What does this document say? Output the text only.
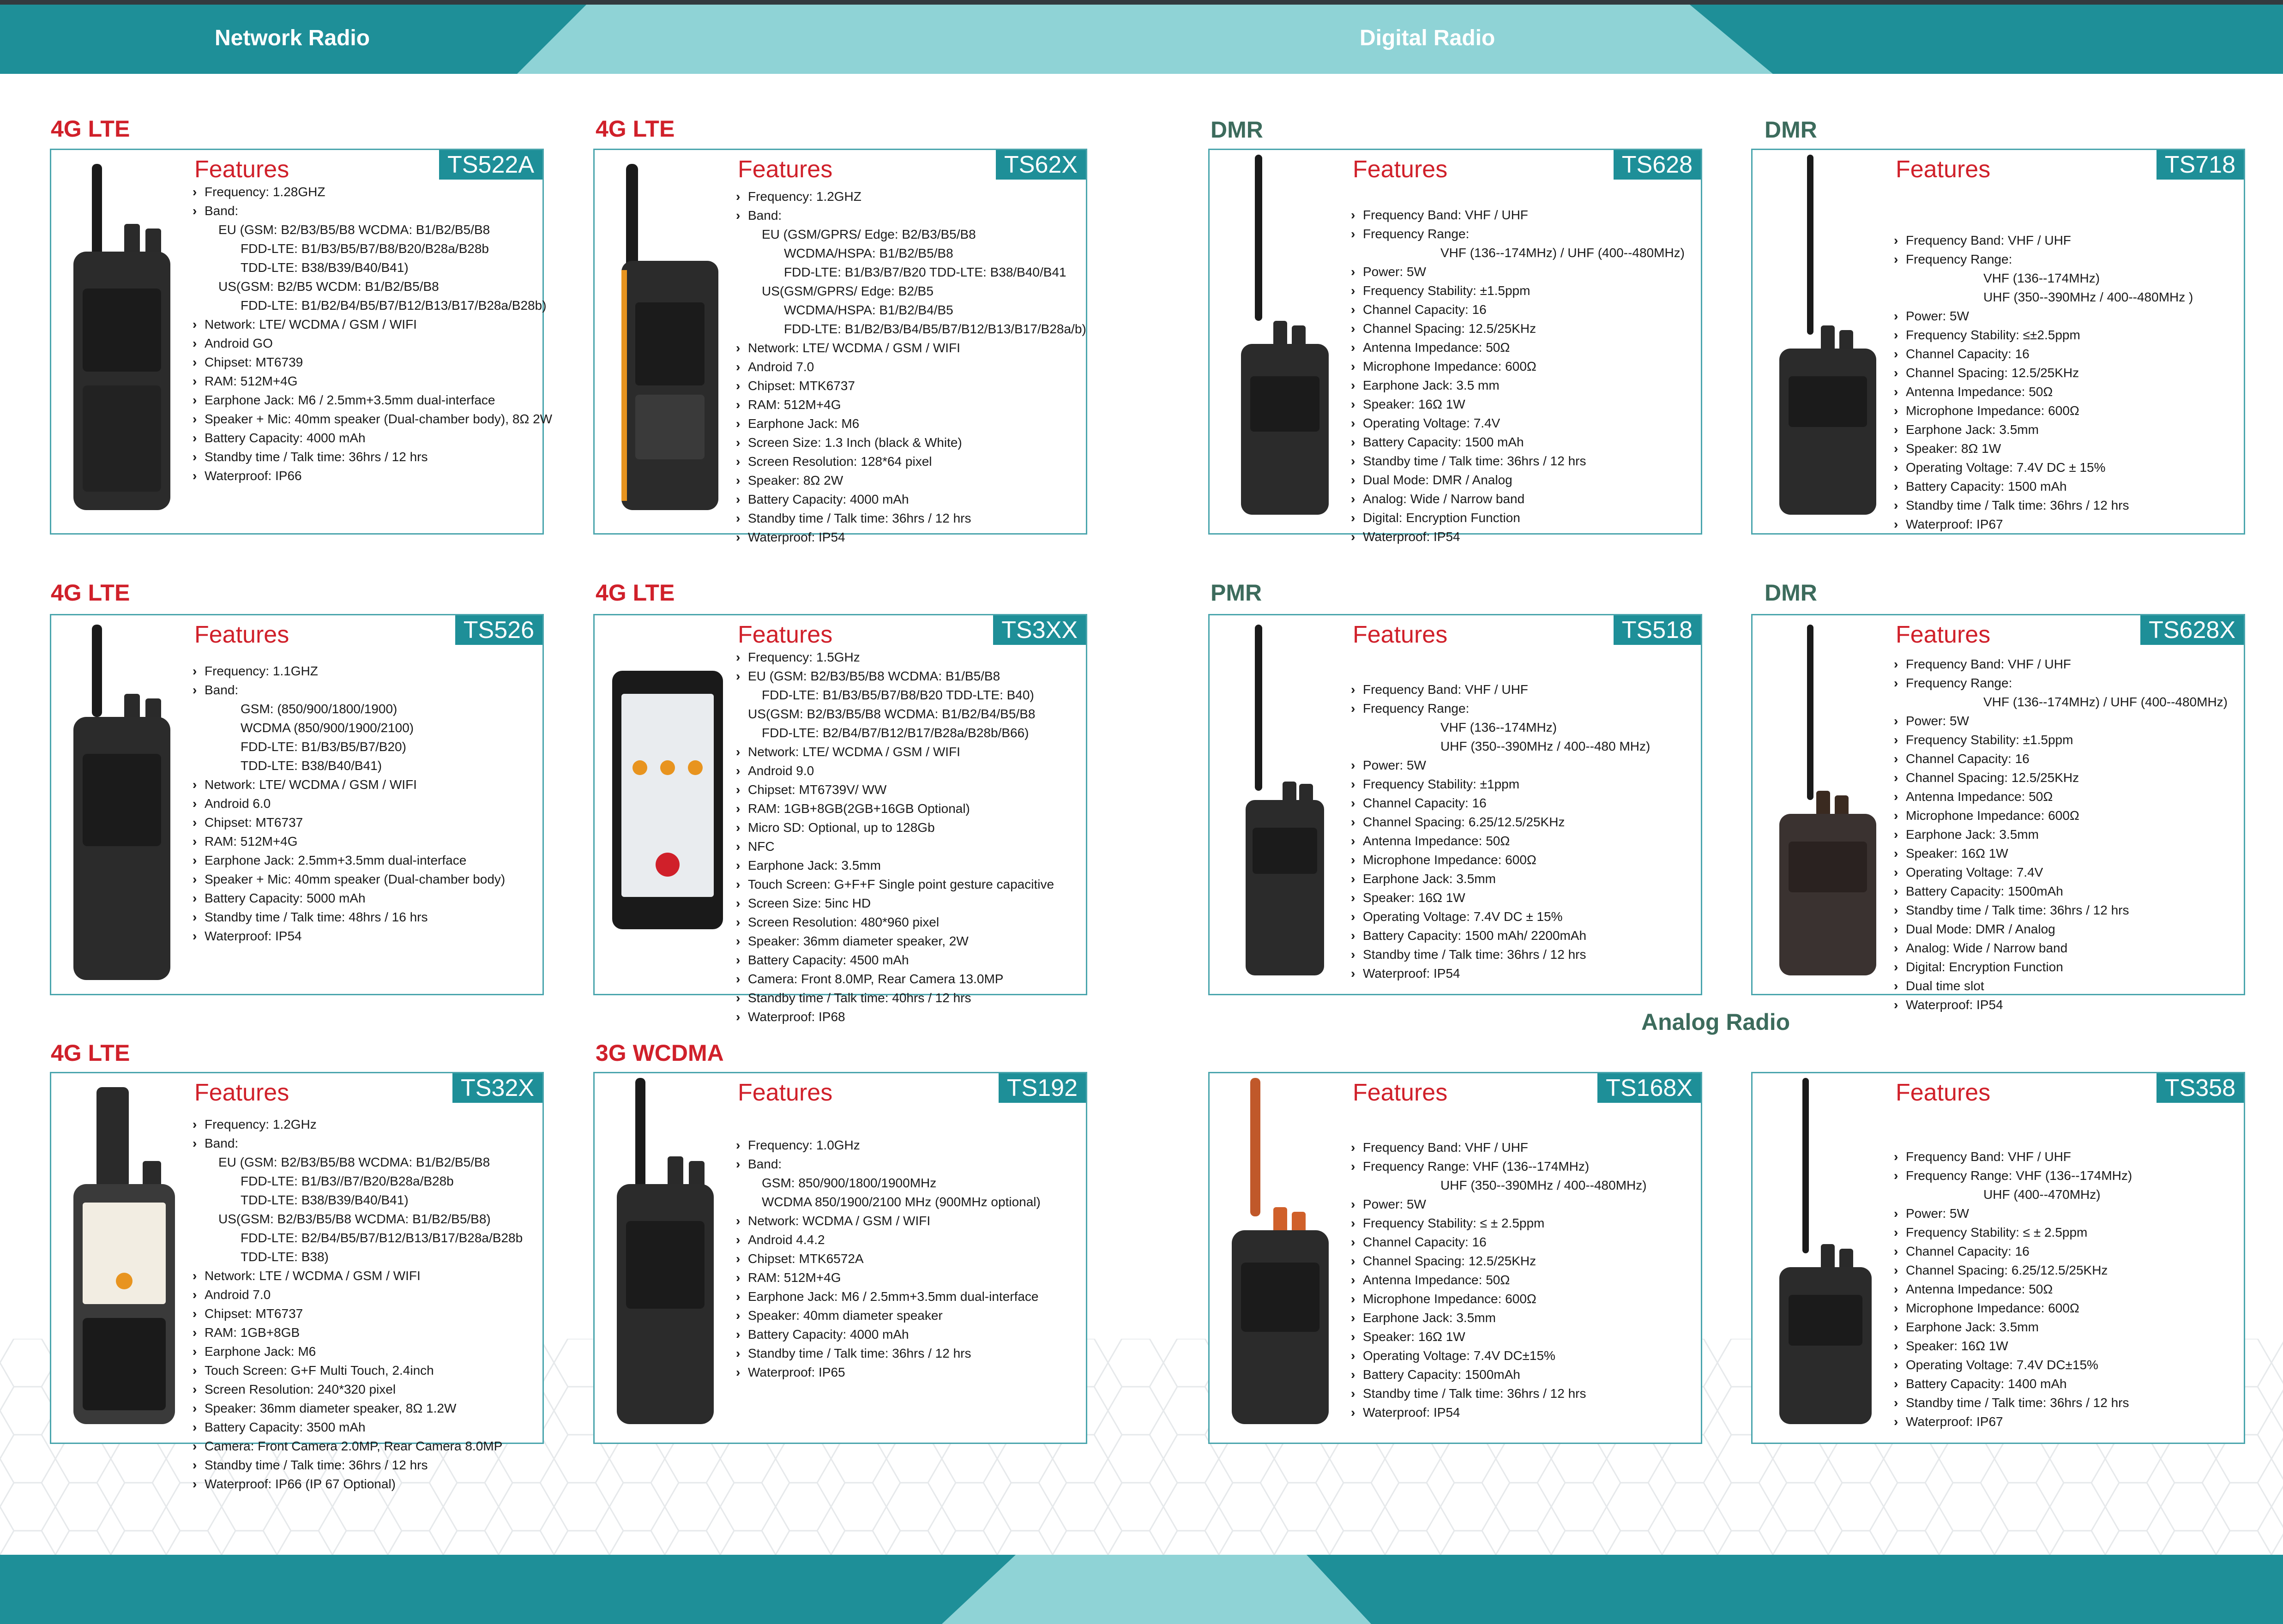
Network Radio	Digital Radio
Analog Radio
4G LTE	4G LTE	DMR	DMR
4G LTE	4G LTE	PMR	DMR
4G LTE	3G WCDMA
Features	TS522A
› Frequency: 1.28GHZ
› Band:
EU (GSM: B2/B3/B5/B8 WCDMA: B1/B2/B5/B8
FDD-LTE: B1/B3/B5/B7/B8/B20/B28a/B28b
TDD-LTE: B38/B39/B40/B41)
US(GSM: B2/B5 WCDM: B1/B2/B5/B8
FDD-LTE: B1/B2/B4/B5/B7/B12/B13/B17/B28a/B28b)
› Network: LTE/ WCDMA / GSM / WIFI
› Android GO
› Chipset: MT6739
› RAM: 512M+4G
› Earphone Jack: M6 / 2.5mm+3.5mm dual-interface
› Speaker + Mic: 40mm speaker (Dual-chamber body), 8Ω 2W
› Battery Capacity: 4000 mAh
› Standby time / Talk time: 36hrs / 12 hrs
› Waterproof: IP66
Features	TS62X
› Frequency: 1.2GHZ
› Band:
EU (GSM/GPRS/ Edge: B2/B3/B5/B8
WCDMA/HSPA: B1/B2/B5/B8
FDD-LTE: B1/B3/B7/B20 TDD-LTE: B38/B40/B41
US(GSM/GPRS/ Edge: B2/B5
WCDMA/HSPA: B1/B2/B4/B5
FDD-LTE: B1/B2/B3/B4/B5/B7/B12/B13/B17/B28a/b)
› Network: LTE/ WCDMA / GSM / WIFI
› Android 7.0
› Chipset: MTK6737
› RAM: 512M+4G
› Earphone Jack: M6
› Screen Size: 1.3 Inch (black & White)
› Screen Resolution: 128*64 pixel
› Speaker: 8Ω 2W
› Battery Capacity: 4000 mAh
› Standby time / Talk time: 36hrs / 12 hrs
› Waterproof: IP54
Features	TS628
› Frequency Band: VHF / UHF
› Frequency Range:
VHF (136--174MHz) / UHF (400--480MHz)
› Power: 5W
› Frequency Stability: ±1.5ppm
› Channel Capacity: 16
› Channel Spacing: 12.5/25KHz
› Antenna Impedance: 50Ω
› Microphone Impedance: 600Ω
› Earphone Jack: 3.5 mm
› Speaker: 16Ω 1W
› Operating Voltage: 7.4V
› Battery Capacity: 1500 mAh
› Standby time / Talk time: 36hrs / 12 hrs
› Dual Mode: DMR / Analog
› Analog: Wide / Narrow band
› Digital: Encryption Function
› Waterproof: IP54
Features	TS718
› Frequency Band: VHF / UHF
› Frequency Range:
VHF (136--174MHz)
UHF (350--390MHz / 400--480MHz )
› Power: 5W
› Frequency Stability: ≤±2.5ppm
› Channel Capacity: 16
› Channel Spacing: 12.5/25KHz
› Antenna Impedance: 50Ω
› Microphone Impedance: 600Ω
› Earphone Jack: 3.5mm
› Speaker: 8Ω 1W
› Operating Voltage: 7.4V DC ± 15%
› Battery Capacity: 1500 mAh
› Standby time / Talk time: 36hrs / 12 hrs
› Waterproof: IP67
Features	TS526
› Frequency: 1.1GHZ
› Band:
GSM: (850/900/1800/1900)
WCDMA (850/900/1900/2100)
FDD-LTE: B1/B3/B5/B7/B20)
TDD-LTE: B38/B40/B41)
› Network: LTE/ WCDMA / GSM / WIFI
› Android 6.0
› Chipset: MT6737
› RAM: 512M+4G
› Earphone Jack: 2.5mm+3.5mm dual-interface
› Speaker + Mic: 40mm speaker (Dual-chamber body)
› Battery Capacity: 5000 mAh
› Standby time / Talk time: 48hrs / 16 hrs
› Waterproof: IP54
Features	TS3XX
› Frequency: 1.5GHz
› EU (GSM: B2/B3/B5/B8 WCDMA: B1/B5/B8
FDD-LTE: B1/B3/B5/B7/B8/B20 TDD-LTE: B40)
US(GSM: B2/B3/B5/B8 WCDMA: B1/B2/B4/B5/B8
FDD-LTE: B2/B4/B7/B12/B17/B28a/B28b/B66)
› Network: LTE/ WCDMA / GSM / WIFI
› Android 9.0
› Chipset: MT6739V/ WW
› RAM: 1GB+8GB(2GB+16GB Optional)
› Micro SD: Optional, up to 128Gb
› NFC
› Earphone Jack: 3.5mm
› Touch Screen: G+F+F Single point gesture capacitive
› Screen Size: 5inc HD
› Screen Resolution: 480*960 pixel
› Speaker: 36mm diameter speaker, 2W
› Battery Capacity: 4500 mAh
› Camera: Front 8.0MP, Rear Camera 13.0MP
› Standby time / Talk time: 40hrs / 12 hrs
› Waterproof: IP68
Features	TS518
› Frequency Band: VHF / UHF
› Frequency Range:
VHF (136--174MHz)
UHF (350--390MHz / 400--480 MHz)
› Power: 5W
› Frequency Stability: ±1ppm
› Channel Capacity: 16
› Channel Spacing: 6.25/12.5/25KHz
› Antenna Impedance: 50Ω
› Microphone Impedance: 600Ω
› Earphone Jack: 3.5mm
› Speaker: 16Ω 1W
› Operating Voltage: 7.4V DC ± 15%
› Battery Capacity: 1500 mAh/ 2200mAh
› Standby time / Talk time: 36hrs / 12 hrs
› Waterproof: IP54
Features	TS628X
› Frequency Band: VHF / UHF
› Frequency Range:
VHF (136--174MHz) / UHF (400--480MHz)
› Power: 5W
› Frequency Stability: ±1.5ppm
› Channel Capacity: 16
› Channel Spacing: 12.5/25KHz
› Antenna Impedance: 50Ω
› Microphone Impedance: 600Ω
› Earphone Jack: 3.5mm
› Speaker: 16Ω 1W
› Operating Voltage: 7.4V
› Battery Capacity: 1500mAh
› Standby time / Talk time: 36hrs / 12 hrs
› Dual Mode: DMR / Analog
› Analog: Wide / Narrow band
› Digital: Encryption Function
› Dual time slot
› Waterproof: IP54
Features	TS32X
› Frequency: 1.2GHz
› Band:
EU (GSM: B2/B3/B5/B8 WCDMA: B1/B2/B5/B8
FDD-LTE: B1/B3//B7/B20/B28a/B28b
TDD-LTE: B38/B39/B40/B41)
US(GSM: B2/B3/B5/B8 WCDMA: B1/B2/B5/B8)
FDD-LTE: B2/B4/B5/B7/B12/B13/B17/B28a/B28b
TDD-LTE: B38)
› Network: LTE / WCDMA / GSM / WIFI
› Android 7.0
› Chipset: MT6737
› RAM: 1GB+8GB
› Earphone Jack: M6
› Touch Screen: G+F Multi Touch, 2.4inch
› Screen Resolution: 240*320 pixel
› Speaker: 36mm diameter speaker, 8Ω 1.2W
› Battery Capacity: 3500 mAh
› Camera: Front Camera 2.0MP, Rear Camera 8.0MP
› Standby time / Talk time: 36hrs / 12 hrs
› Waterproof: IP66 (IP 67 Optional)
Features	TS192
› Frequency: 1.0GHz
› Band:
GSM: 850/900/1800/1900MHz
WCDMA 850/1900/2100 MHz (900MHz optional)
› Network: WCDMA / GSM / WIFI
› Android 4.4.2
› Chipset: MTK6572A
› RAM: 512M+4G
› Earphone Jack: M6 / 2.5mm+3.5mm dual-interface
› Speaker: 40mm diameter speaker
› Battery Capacity: 4000 mAh
› Standby time / Talk time: 36hrs / 12 hrs
› Waterproof: IP65
Features	TS168X
› Frequency Band: VHF / UHF
› Frequency Range: VHF (136--174MHz)
UHF (350--390MHz / 400--480MHz)
› Power: 5W
› Frequency Stability: ≤ ± 2.5ppm
› Channel Capacity: 16
› Channel Spacing: 12.5/25KHz
› Antenna Impedance: 50Ω
› Microphone Impedance: 600Ω
› Earphone Jack: 3.5mm
› Speaker: 16Ω 1W
› Operating Voltage: 7.4V DC±15%
› Battery Capacity: 1500mAh
› Standby time / Talk time: 36hrs / 12 hrs
› Waterproof: IP54
Features	TS358
› Frequency Band: VHF / UHF
› Frequency Range: VHF (136--174MHz)
UHF (400--470MHz)
› Power: 5W
› Frequency Stability: ≤ ± 2.5ppm
› Channel Capacity: 16
› Channel Spacing: 6.25/12.5/25KHz
› Antenna Impedance: 50Ω
› Microphone Impedance: 600Ω
› Earphone Jack: 3.5mm
› Speaker: 16Ω 1W
› Operating Voltage: 7.4V DC±15%
› Battery Capacity: 1400 mAh
› Standby time / Talk time: 36hrs / 12 hrs
› Waterproof: IP67
